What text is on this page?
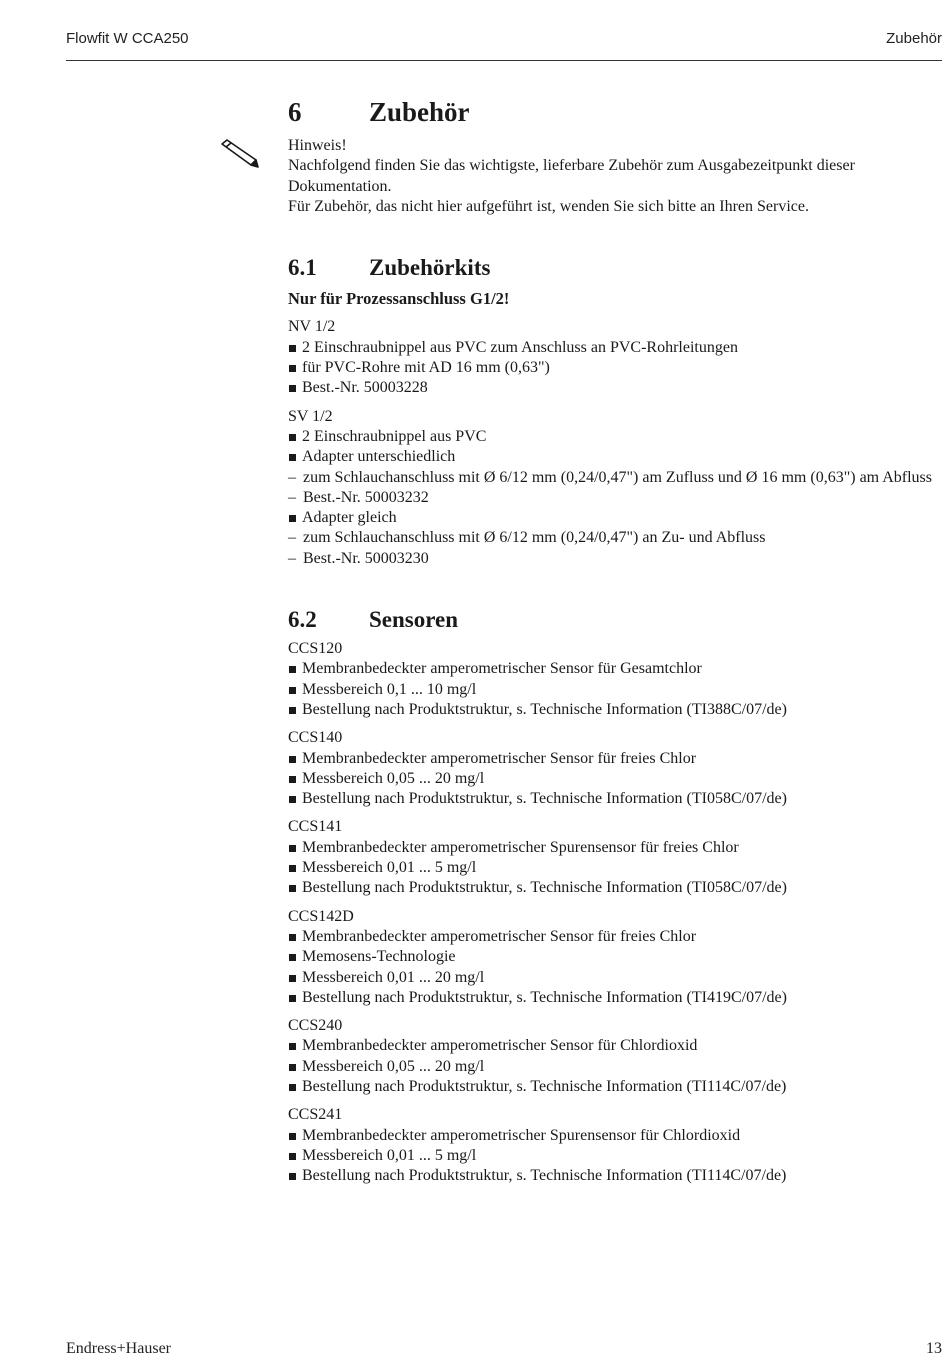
Flowfit W CCA250	Zubehör
6	Zubehör

Hinweis!

Nachfolgend finden Sie das wichtigste, lieferbare Zubehör zum Ausgabezeitpunkt dieser

Dokumentation.

Für Zubehör, das nicht hier aufgeführt ist, wenden Sie sich bitte an Ihren Service.

6.1	Zubehörkits

Nur für Prozessanschluss G1/2!

NV 1/2

2 Einschraubnippel aus PVC zum Anschluss an PVC-Rohrleitungen
für PVC-Rohre mit AD 16 mm (0,63")
Best.-Nr. 50003228

SV 1/2

2 Einschraubnippel aus PVC
Adapter unterschiedlich
– zum Schlauchanschluss mit Ø 6/12 mm (0,24/0,47") am Zufluss und Ø 16 mm (0,63") am Abfluss
– Best.-Nr. 50003232
Adapter gleich
– zum Schlauchanschluss mit Ø 6/12 mm (0,24/0,47") an Zu- und Abfluss
– Best.-Nr. 50003230
6.2	Sensoren

CCS120

Membranbedeckter amperometrischer Sensor für Gesamtchlor
Messbereich 0,1 ... 10 mg/l
Bestellung nach Produktstruktur, s. Technische Information (TI388C/07/de)

CCS140

Membranbedeckter amperometrischer Sensor für freies Chlor
Messbereich 0,05 ... 20 mg/l
Bestellung nach Produktstruktur, s. Technische Information (TI058C/07/de)

CCS141

Membranbedeckter amperometrischer Spurensensor für freies Chlor
Messbereich 0,01 ... 5 mg/l
Bestellung nach Produktstruktur, s. Technische Information (TI058C/07/de)

CCS142D

Membranbedeckter amperometrischer Sensor für freies Chlor
Memosens-Technologie
Messbereich 0,01 ... 20 mg/l
Bestellung nach Produktstruktur, s. Technische Information (TI419C/07/de)

CCS240

Membranbedeckter amperometrischer Sensor für Chlordioxid
Messbereich 0,05 ... 20 mg/l
Bestellung nach Produktstruktur, s. Technische Information (TI114C/07/de)

CCS241

Membranbedeckter amperometrischer Spurensensor für Chlordioxid
Messbereich 0,01 ... 5 mg/l
Bestellung nach Produktstruktur, s. Technische Information (TI114C/07/de)
Endress+Hauser	13
